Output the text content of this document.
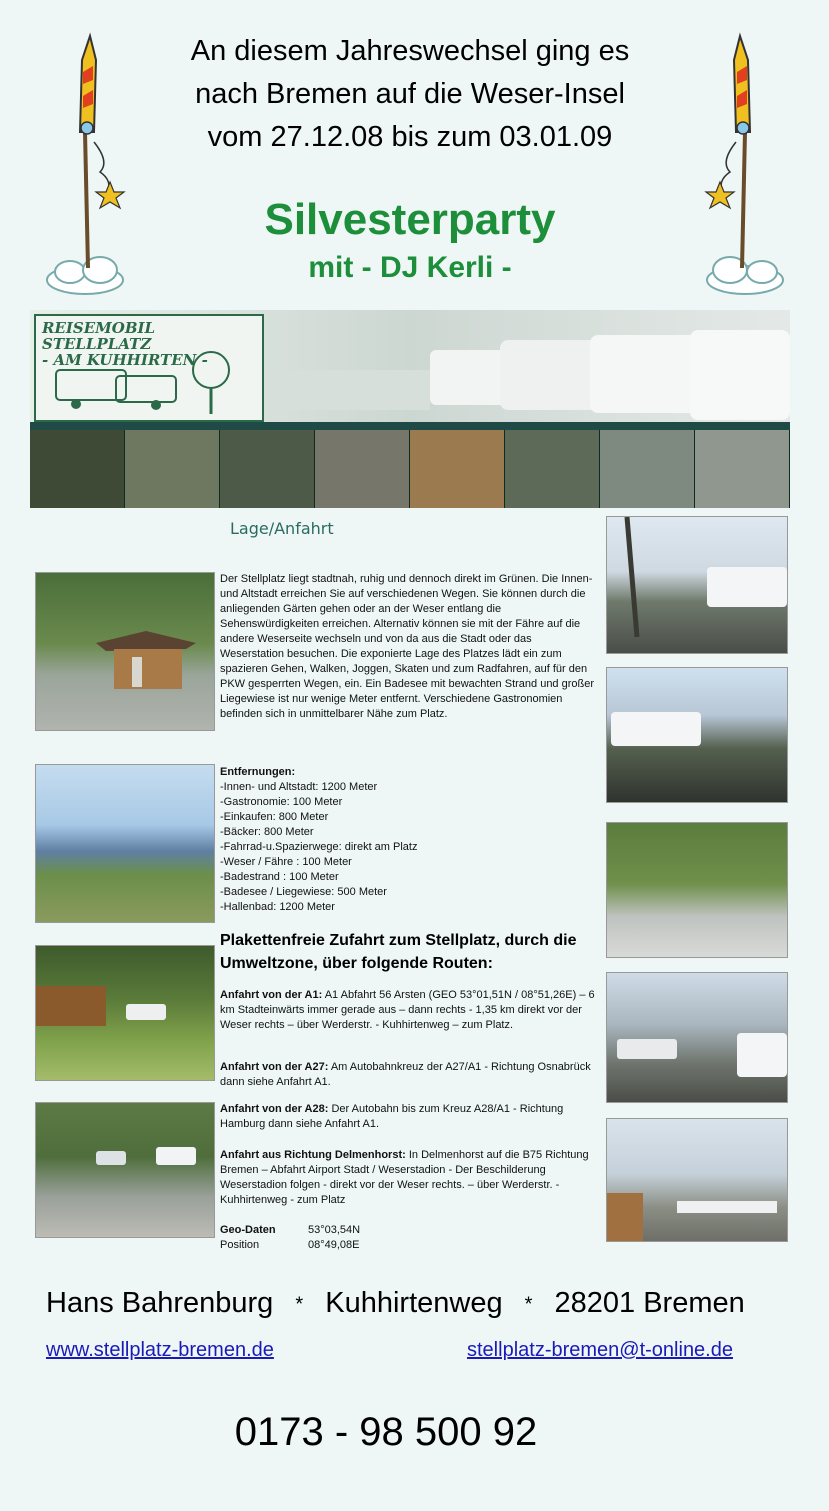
An diesem Jahreswechsel ging es
nach Bremen auf die Weser-Insel
vom 27.12.08 bis zum 03.01.09
Silvesterparty
mit - DJ Kerli -
REISEMOBIL STELLPLATZ
- AM KUHHIRTEN -
Lage/Anfahrt
Der Stellplatz liegt stadtnah, ruhig und dennoch direkt im Grünen. Die Innen- und Altstadt erreichen Sie auf verschiedenen Wegen. Sie können durch die anliegenden Gärten gehen oder an der Weser entlang die Sehenswürdigkeiten erreichen. Alternativ können sie mit der Fähre auf die andere Weserseite wechseln und von da aus die Stadt oder das Weserstation besuchen. Die exponierte Lage des Platzes lädt ein zum spazieren Gehen, Walken, Joggen, Skaten und zum Radfahren, auf für den PKW gesperrten Wegen, ein. Ein Badesee mit bewachten Strand und großer Liegewiese ist nur wenige Meter entfernt. Verschiedene Gastronomien befinden sich in unmittelbarer Nähe zum Platz.
Entfernungen:
-Innen- und Altstadt: 1200 Meter
-Gastronomie: 100 Meter
-Einkaufen: 800 Meter
-Bäcker: 800 Meter
-Fahrrad-u.Spazierwege: direkt am Platz
-Weser / Fähre : 100 Meter
-Badestrand : 100 Meter
-Badesee / Liegewiese: 500 Meter
-Hallenbad: 1200 Meter
Plakettenfreie Zufahrt zum Stellplatz, durch die Umweltzone, über folgende Routen:
Anfahrt von der A1: A1 Abfahrt 56 Arsten (GEO 53°01,51N / 08°51,26E) – 6 km Stadteinwärts immer gerade aus – dann rechts - 1,35 km direkt vor der Weser rechts – über Werderstr. - Kuhhirtenweg – zum Platz.
Anfahrt von der A27: Am Autobahnkreuz der A27/A1 - Richtung Osnabrück dann siehe Anfahrt A1.
Anfahrt von der A28: Der Autobahn bis zum Kreuz A28/A1 - Richtung Hamburg dann siehe Anfahrt A1.
Anfahrt aus Richtung Delmenhorst: In Delmenhorst auf die B75 Richtung Bremen – Abfahrt Airport Stadt / Weserstadion - Der Beschilderung Weserstadion folgen - direkt vor der Weser rechts. – über Werderstr. - Kuhhirtenweg - zum Platz
Geo-Daten
Position
53°03,54N
08°49,08E
Hans Bahrenburg * Kuhhirtenweg * 28201 Bremen
www.stellplatz-bremen.de	stellplatz-bremen@t-online.de
0173 - 98 500 92
